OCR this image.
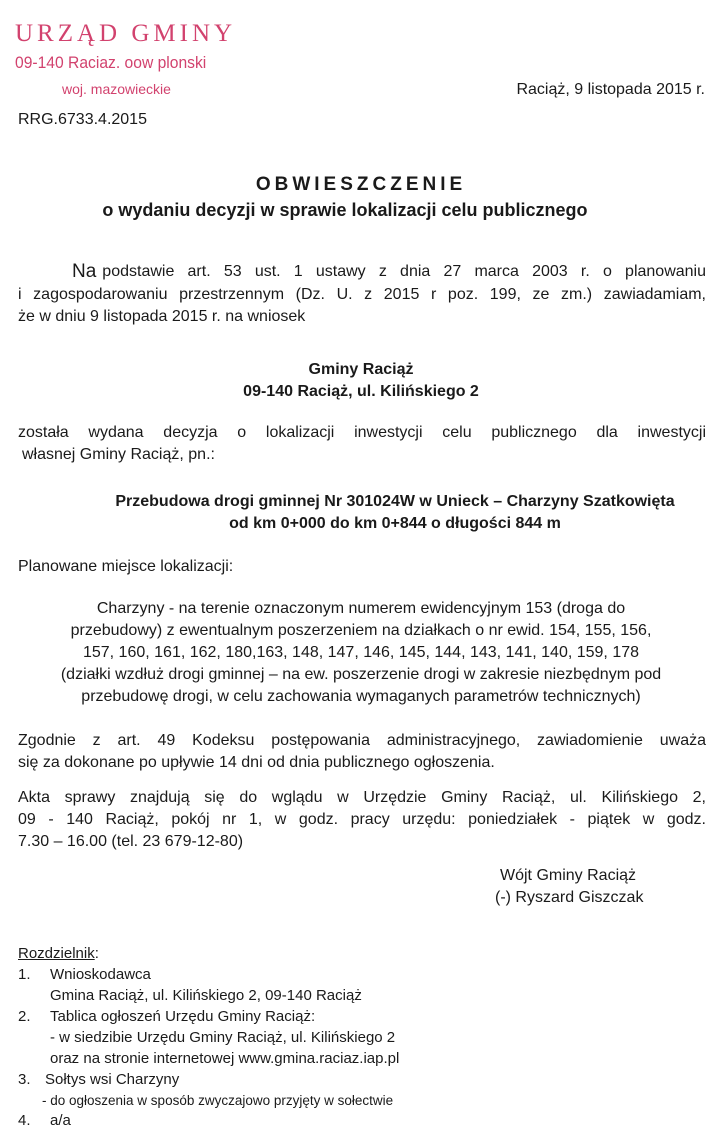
URZĄD GMINY
09-140 Raciaz. oow plonski
woj. mazowieckie	Raciąż, 9 listopada 2015 r.
RRG.6733.4.2015
OBWIESZCZENIE
o wydaniu decyzji w sprawie lokalizacji celu publicznego
Na podstawie art. 53 ust. 1 ustawy z dnia 27 marca 2003 r. o planowaniu
i zagospodarowaniu przestrzennym (Dz. U. z 2015 r poz. 199, ze zm.) zawiadamiam,
że w dniu 9 listopada 2015 r. na wniosek
Gminy Raciąż
09-140 Raciąż, ul. Kilińskiego 2
została wydana decyzja o lokalizacji inwestycji celu publicznego dla inwestycji
własnej Gminy Raciąż, pn.:
Przebudowa drogi gminnej Nr 301024W w Unieck – Charzyny Szatkowięta
od km 0+000 do km 0+844 o długości 844 m
Planowane miejsce lokalizacji:
Charzyny - na terenie oznaczonym numerem ewidencyjnym 153 (droga do
przebudowy) z ewentualnym poszerzeniem na działkach o nr ewid. 154, 155, 156,
157, 160, 161, 162, 180,163, 148, 147, 146, 145, 144, 143, 141, 140, 159, 178
(działki wzdłuż drogi gminnej – na ew. poszerzenie drogi w zakresie niezbędnym pod
przebudowę drogi, w celu zachowania wymaganych parametrów technicznych)
Zgodnie z art. 49 Kodeksu postępowania administracyjnego, zawiadomienie uważa
się za dokonane po upływie 14 dni od dnia publicznego ogłoszenia.
Akta sprawy znajdują się do wglądu w Urzędzie Gminy Raciąż, ul. Kilińskiego 2,
09 - 140 Raciąż, pokój nr 1, w godz. pracy urzędu: poniedziałek - piątek w godz.
7.30 – 16.00 (tel. 23 679-12-80)
Wójt Gminy Raciąż
(-) Ryszard Giszczak
Rozdzielnik:
1. Wnioskodawca
Gmina Raciąż, ul. Kilińskiego 2, 09-140 Raciąż
2. Tablica ogłoszeń Urzędu Gminy Raciąż:
- w siedzibie Urzędu Gminy Raciąż, ul. Kilińskiego 2
oraz na stronie internetowej www.gmina.raciaz.iap.pl
3. Sołtys wsi Charzyny
- do ogłoszenia w sposób zwyczajowo przyjęty w sołectwie
4. a/a
